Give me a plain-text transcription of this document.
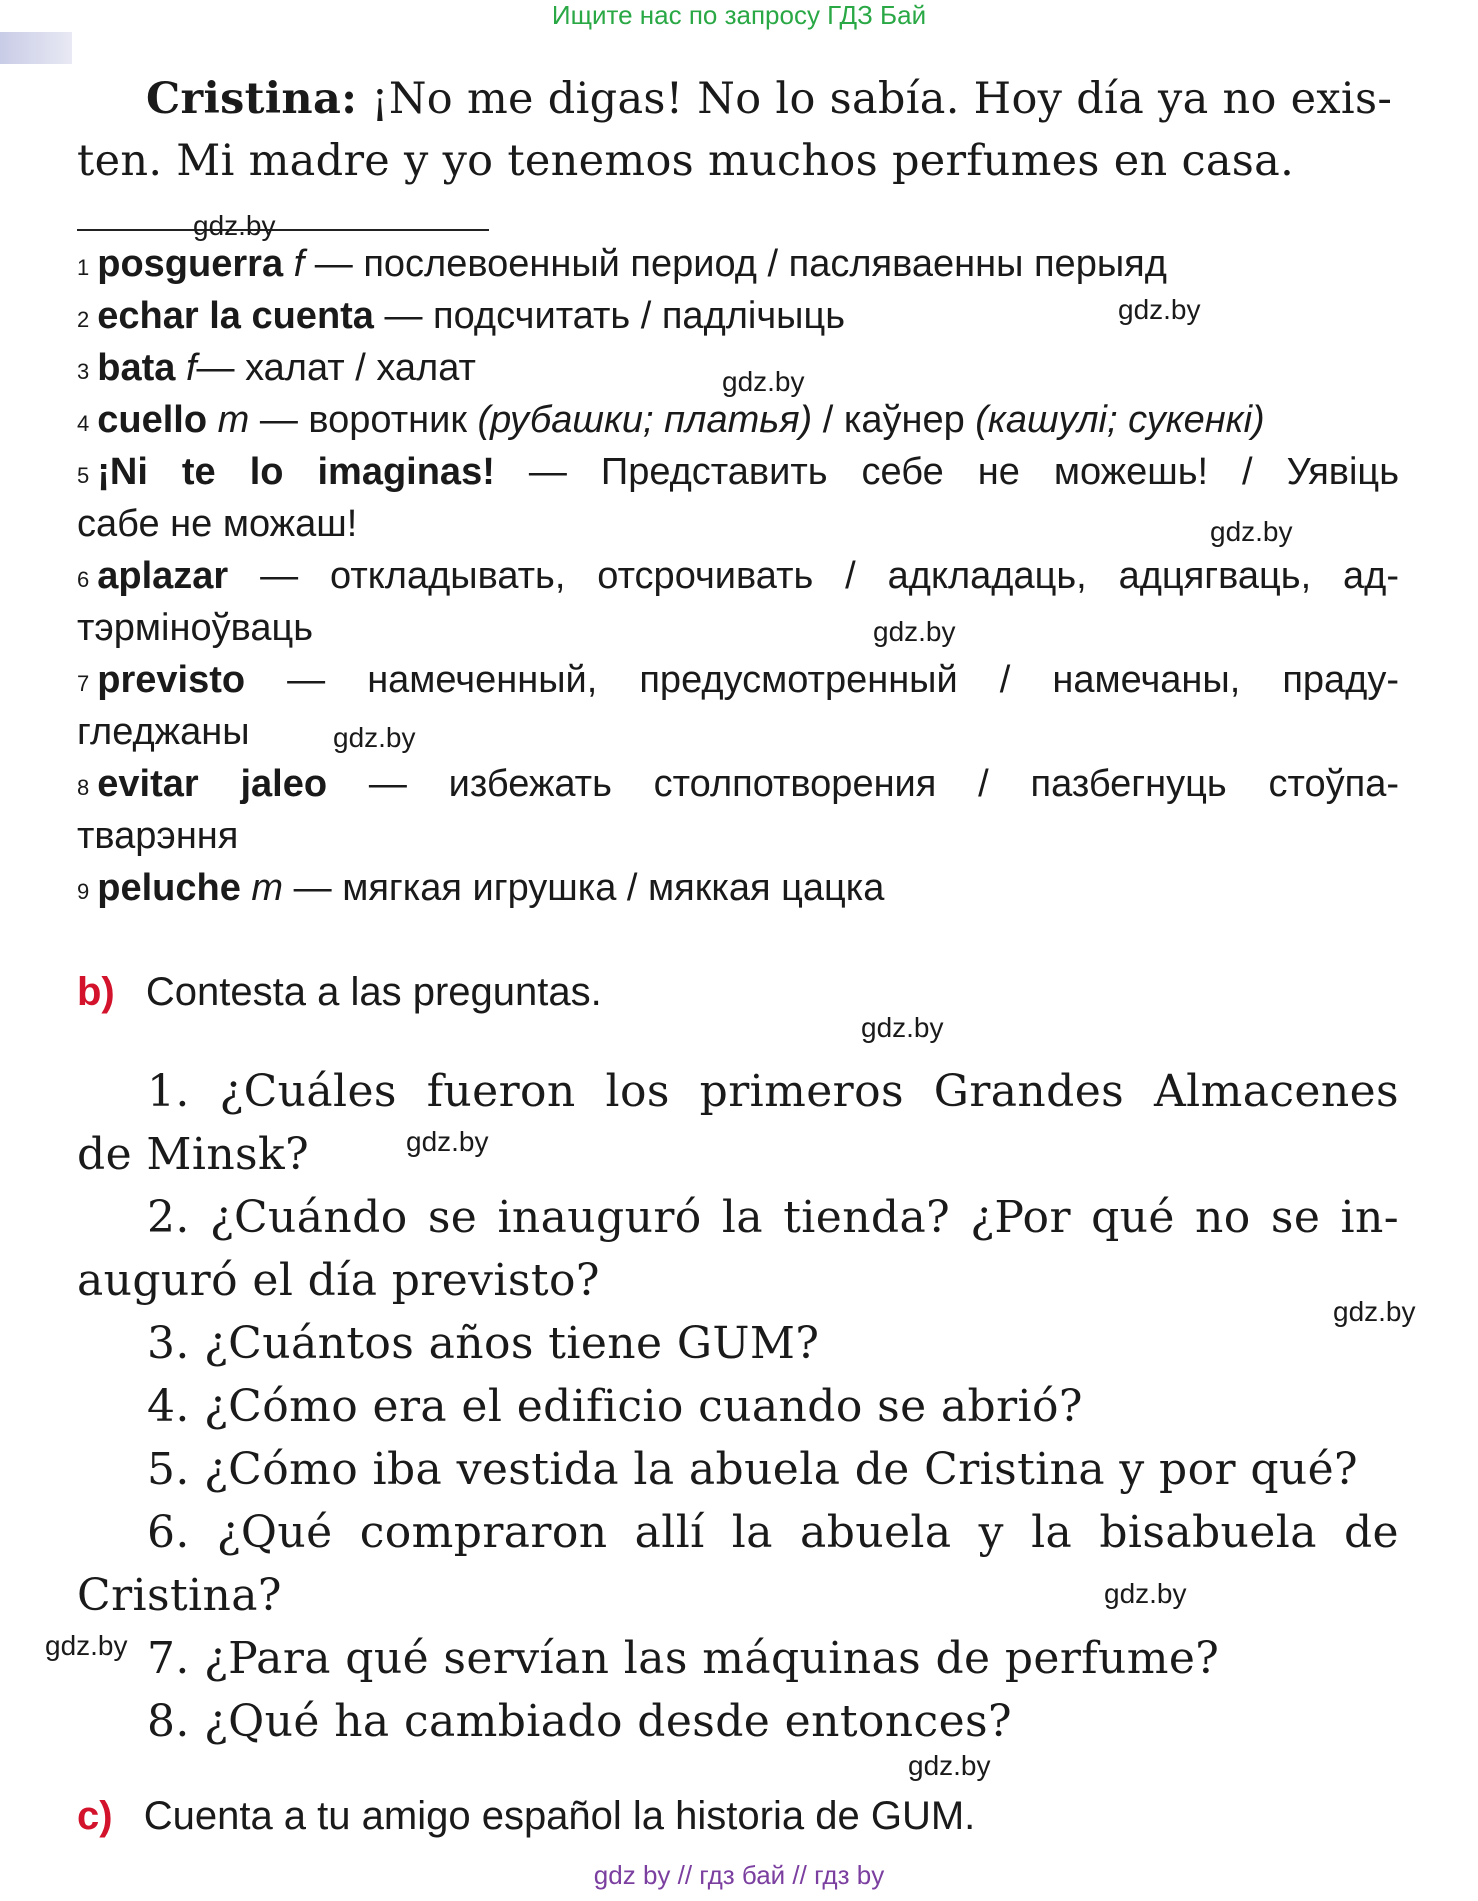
Ищите нас по запросу ГДЗ Бай
Cristina: ¡No me digas! No lo sabía. Hoy día ya no exis-
ten. Mi madre y yo tenemos muchos perfumes en casa.
$^1$ posguerra f — послевоенный период / пасляваенны перыяд
$^2$ echar la cuenta — подсчитать / падлічыць
$^3$ bata f— халат / халат
$^4$ cuello m — воротник (рубашки; платья) / каўнер (кашулі; сукенкі)
$^5$ ¡Ni te lo imaginas! — Представить себе не можешь! / Уявіць
сабе не можаш!
$^6$ aplazar — откладывать, отсрочивать / адкладаць, адцягваць, ад-
тэрміноўваць
$^7$ previsto — намеченный, предусмотренный / намечаны, праду-
гледжаны
$^8$ evitar jaleo — избежать столпотворения / пазбегнуць стоўпа-
тварэння
$^9$ peluche m — мягкая игрушка / мяккая цацка
b) Contesta a las preguntas.
1. ¿Cuáles fueron los primeros Grandes Almacenes
de Minsk?
2. ¿Cuándo se inauguró la tienda? ¿Por qué no se in-
auguró el día previsto?
3. ¿Cuántos años tiene GUM?
4. ¿Cómo era el edificio cuando se abrió?
5. ¿Cómo iba vestida la abuela de Cristina y por qué?
6. ¿Qué compraron allí la abuela y la bisabuela de
Cristina?
7. ¿Para qué servían las máquinas de perfume?
8. ¿Qué ha cambiado desde entonces?
c) Cuenta a tu amigo español la historia de GUM.
gdz.by
gdz.by
gdz.by
gdz.by
gdz.by
gdz.by
gdz.by
gdz.by
gdz.by
gdz.by
gdz.by
gdz.by
gdz by // гдз бай // гдз by
